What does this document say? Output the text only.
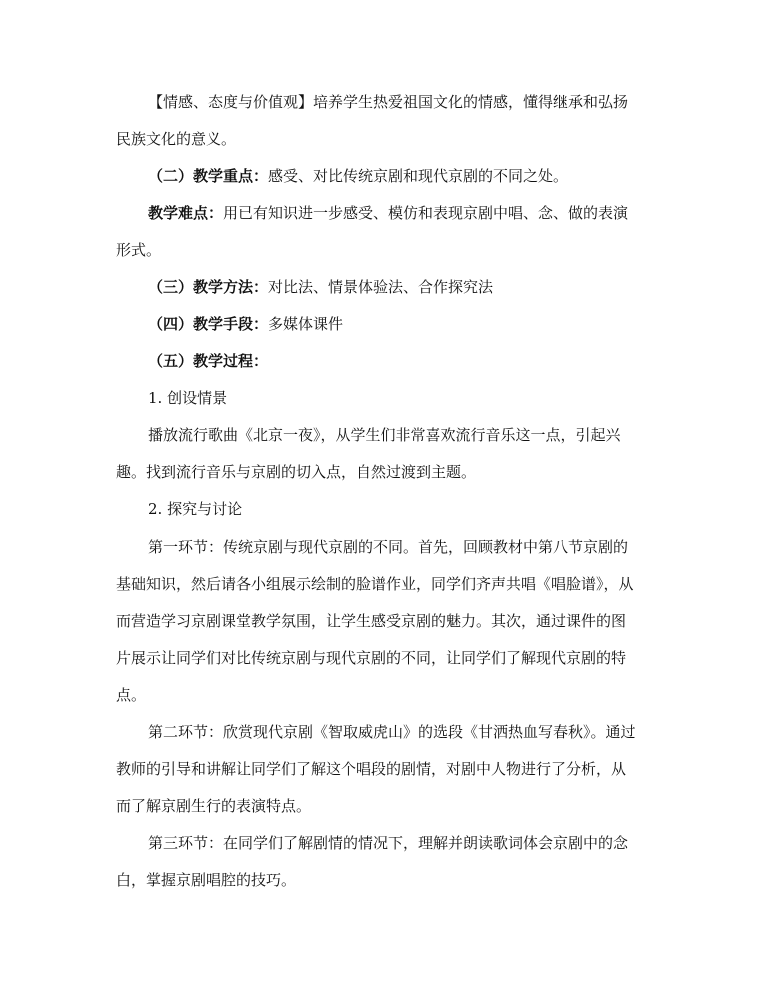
【情感、态度与价值观】培养学生热爱祖国文化的情感，懂得继承和弘扬

民族文化的意义。

（二）教学重点：感受、对比传统京剧和现代京剧的不同之处。

教学难点：用已有知识进一步感受、模仿和表现京剧中唱、念、做的表演

形式。

（三）教学方法：对比法、情景体验法、合作探究法

（四）教学手段：多媒体课件

（五）教学过程：

1. 创设情景

播放流行歌曲《北京一夜》，从学生们非常喜欢流行音乐这一点，引起兴

趣。找到流行音乐与京剧的切入点，自然过渡到主题。

2. 探究与讨论

第一环节：传统京剧与现代京剧的不同。首先，回顾教材中第八节京剧的

基础知识，然后请各小组展示绘制的脸谱作业，同学们齐声共唱《唱脸谱》，从

而营造学习京剧课堂教学氛围，让学生感受京剧的魅力。其次，通过课件的图

片展示让同学们对比传统京剧与现代京剧的不同，让同学们了解现代京剧的特

点。

第二环节：欣赏现代京剧《智取威虎山》的选段《甘洒热血写春秋》。通过

教师的引导和讲解让同学们了解这个唱段的剧情，对剧中人物进行了分析，从

而了解京剧生行的表演特点。

第三环节：在同学们了解剧情的情况下，理解并朗读歌词体会京剧中的念

白，掌握京剧唱腔的技巧。
